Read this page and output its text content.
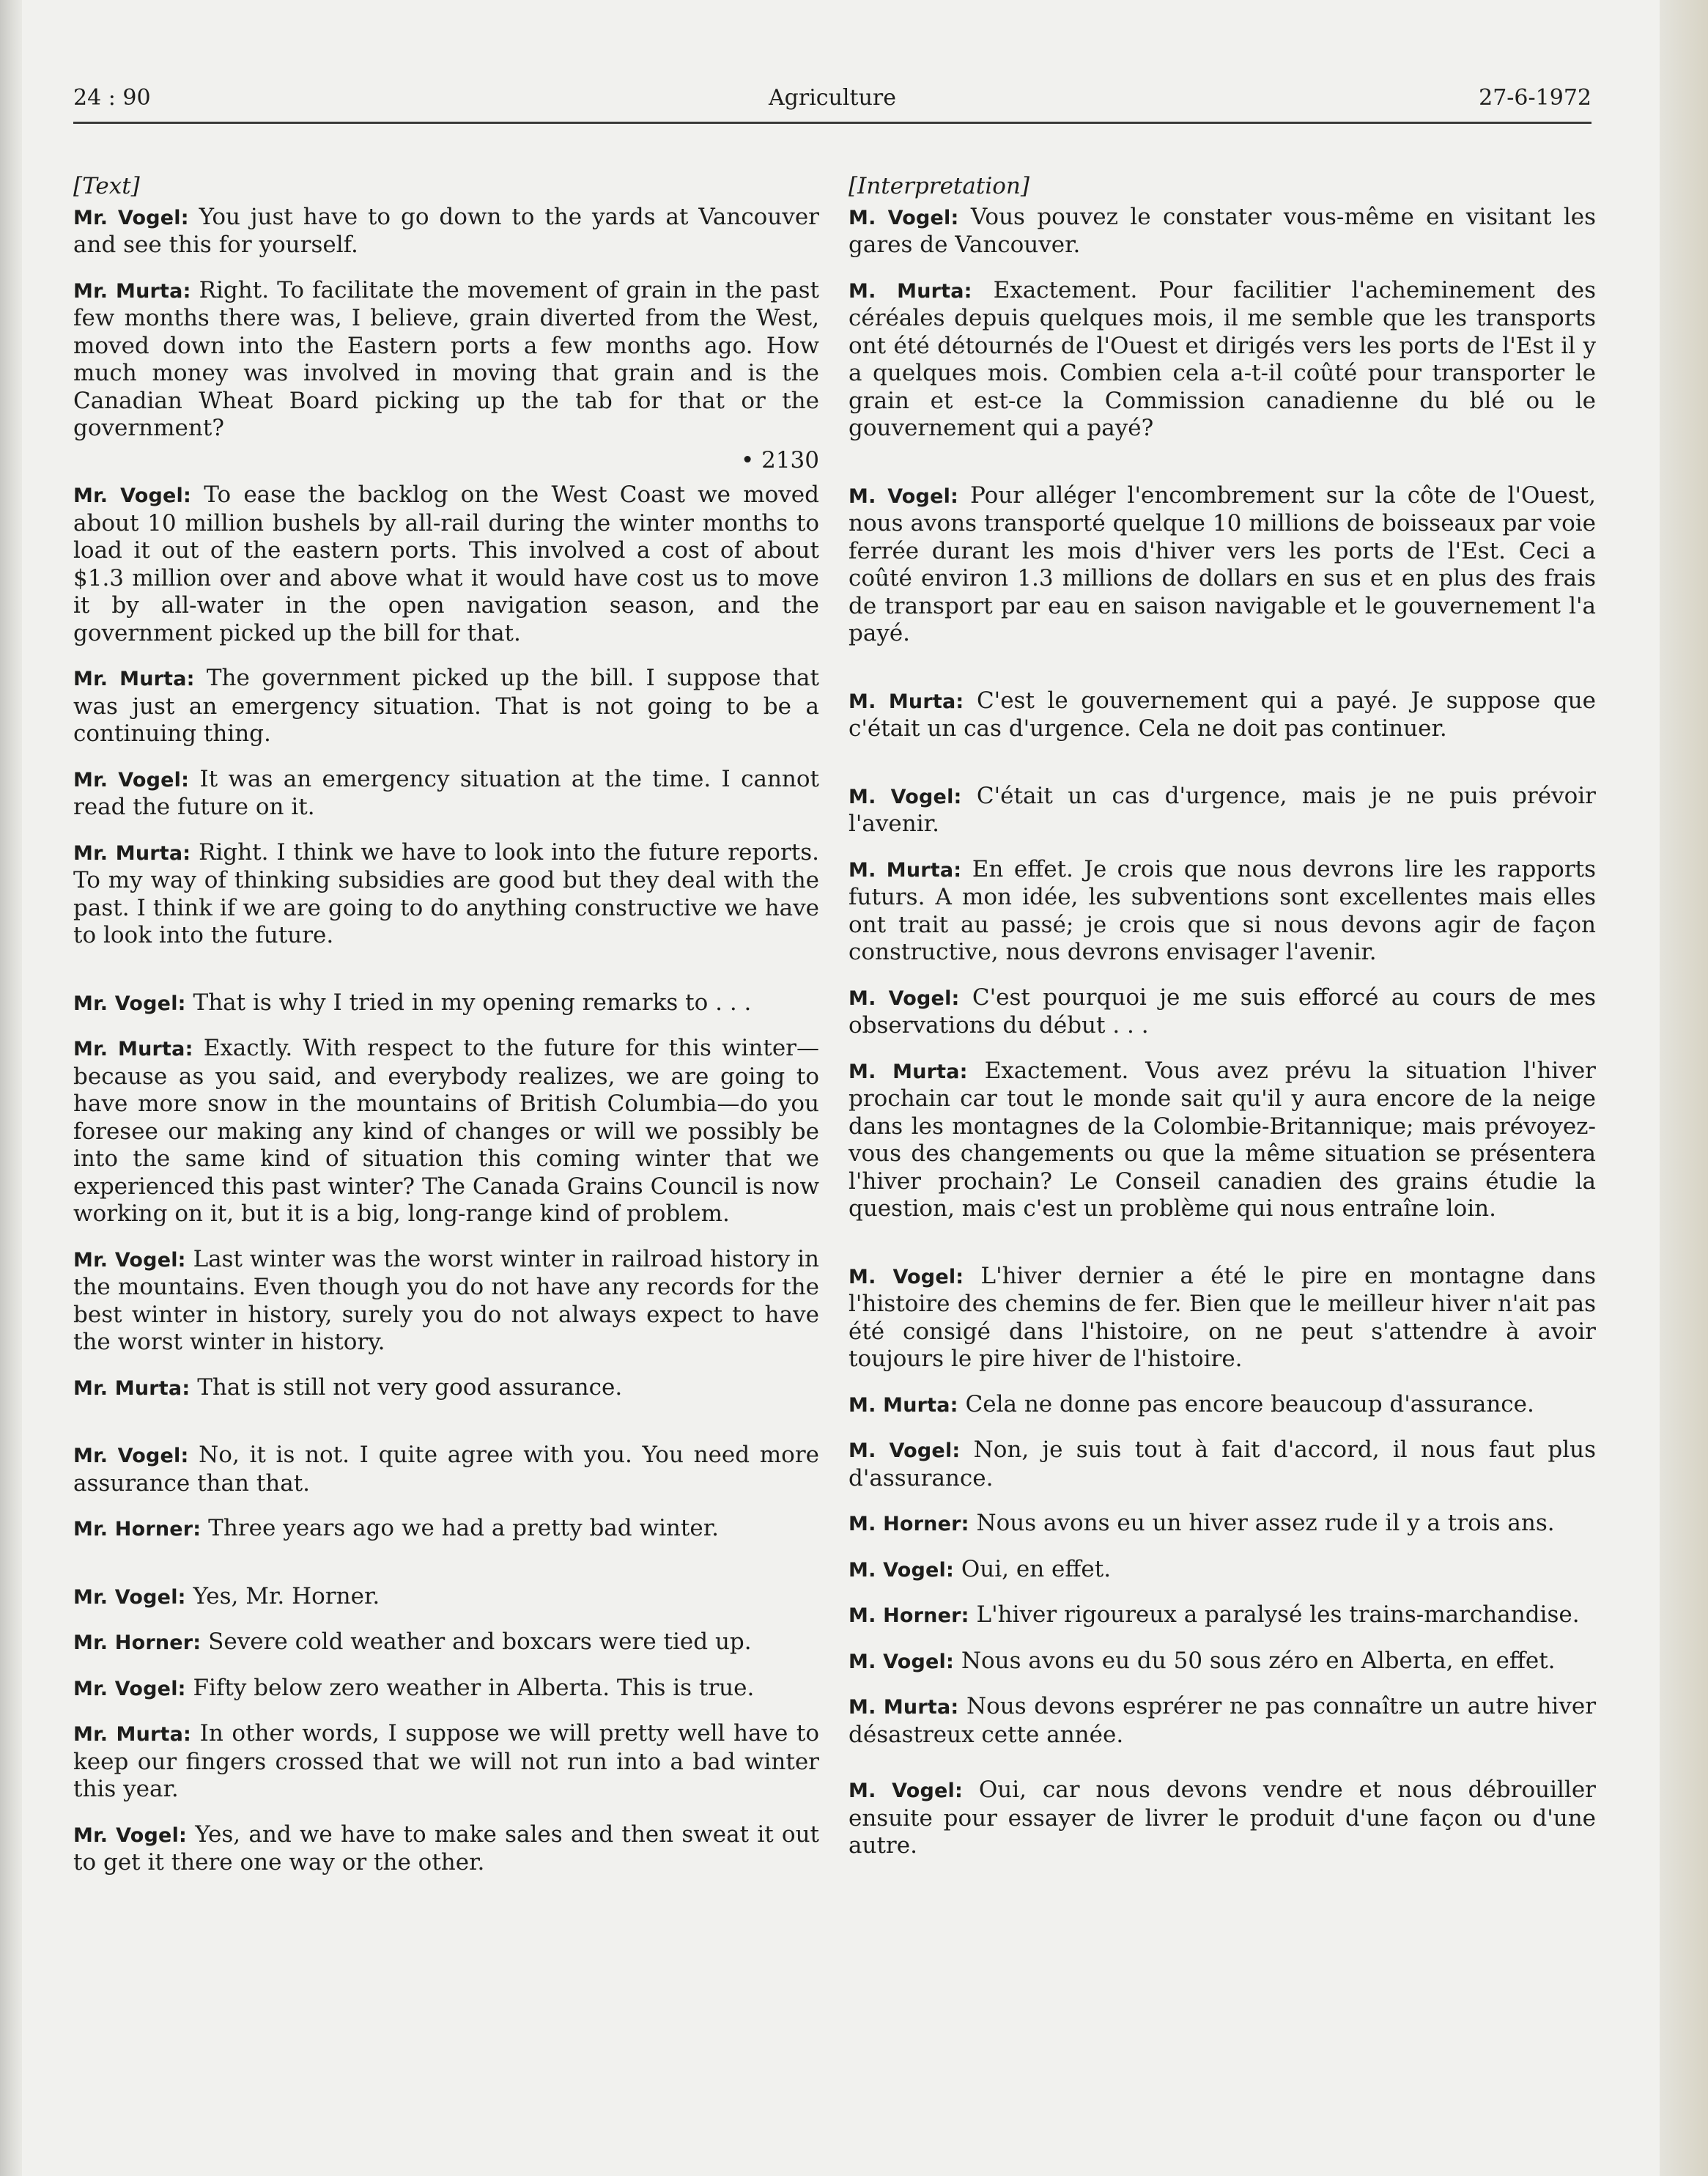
24 : 90	Agriculture	27-6-1972
[Text]

Mr. Vogel: You just have to go down to the yards at Vancouver and see this for yourself.

Mr. Murta: Right. To facilitate the movement of grain in the past few months there was, I believe, grain diverted from the West, moved down into the Eastern ports a few months ago. How much money was involved in moving that grain and is the Canadian Wheat Board picking up the tab for that or the government?

• 2130

Mr. Vogel: To ease the backlog on the West Coast we moved about 10 million bushels by all-rail during the winter months to load it out of the eastern ports. This involved a cost of about $1.3 million over and above what it would have cost us to move it by all-water in the open navigation season, and the government picked up the bill for that.

Mr. Murta: The government picked up the bill. I suppose that was just an emergency situation. That is not going to be a continuing thing.

Mr. Vogel: It was an emergency situation at the time. I cannot read the future on it.

Mr. Murta: Right. I think we have to look into the future reports. To my way of thinking subsidies are good but they deal with the past. I think if we are going to do anything constructive we have to look into the future.

Mr. Vogel: That is why I tried in my opening remarks to . . .

Mr. Murta: Exactly. With respect to the future for this winter—because as you said, and everybody realizes, we are going to have more snow in the mountains of British Columbia—do you foresee our making any kind of changes or will we possibly be into the same kind of situation this coming winter that we experienced this past winter? The Canada Grains Council is now working on it, but it is a big, long-range kind of problem.

Mr. Vogel: Last winter was the worst winter in railroad history in the mountains. Even though you do not have any records for the best winter in history, surely you do not always expect to have the worst winter in history.

Mr. Murta: That is still not very good assurance.

Mr. Vogel: No, it is not. I quite agree with you. You need more assurance than that.

Mr. Horner: Three years ago we had a pretty bad winter.

Mr. Vogel: Yes, Mr. Horner.

Mr. Horner: Severe cold weather and boxcars were tied up.

Mr. Vogel: Fifty below zero weather in Alberta. This is true.

Mr. Murta: In other words, I suppose we will pretty well have to keep our fingers crossed that we will not run into a bad winter this year.

Mr. Vogel: Yes, and we have to make sales and then sweat it out to get it there one way or the other.

[Interpretation]

M. Vogel: Vous pouvez le constater vous-même en visitant les gares de Vancouver.

M. Murta: Exactement. Pour facilitier l'acheminement des céréales depuis quelques mois, il me semble que les transports ont été détournés de l'Ouest et dirigés vers les ports de l'Est il y a quelques mois. Combien cela a-t-il coûté pour transporter le grain et est-ce la Commission canadienne du blé ou le gouvernement qui a payé?

M. Vogel: Pour alléger l'encombrement sur la côte de l'Ouest, nous avons transporté quelque 10 millions de boisseaux par voie ferrée durant les mois d'hiver vers les ports de l'Est. Ceci a coûté environ 1.3 millions de dollars en sus et en plus des frais de transport par eau en saison navigable et le gouvernement l'a payé.

M. Murta: C'est le gouvernement qui a payé. Je suppose que c'était un cas d'urgence. Cela ne doit pas continuer.

M. Vogel: C'était un cas d'urgence, mais je ne puis prévoir l'avenir.

M. Murta: En effet. Je crois que nous devrons lire les rapports futurs. A mon idée, les subventions sont excellentes mais elles ont trait au passé; je crois que si nous devons agir de façon constructive, nous devrons envisager l'avenir.

M. Vogel: C'est pourquoi je me suis efforcé au cours de mes observations du début . . .

M. Murta: Exactement. Vous avez prévu la situation l'hiver prochain car tout le monde sait qu'il y aura encore de la neige dans les montagnes de la Colombie-Britannique; mais prévoyez-vous des changements ou que la même situation se présentera l'hiver prochain? Le Conseil canadien des grains étudie la question, mais c'est un problème qui nous entraîne loin.

M. Vogel: L'hiver dernier a été le pire en montagne dans l'histoire des chemins de fer. Bien que le meilleur hiver n'ait pas été consigé dans l'histoire, on ne peut s'attendre à avoir toujours le pire hiver de l'histoire.

M. Murta: Cela ne donne pas encore beaucoup d'assurance.

M. Vogel: Non, je suis tout à fait d'accord, il nous faut plus d'assurance.

M. Horner: Nous avons eu un hiver assez rude il y a trois ans.

M. Vogel: Oui, en effet.

M. Horner: L'hiver rigoureux a paralysé les trains-marchandise.

M. Vogel: Nous avons eu du 50 sous zéro en Alberta, en effet.

M. Murta: Nous devons esprérer ne pas connaître un autre hiver désastreux cette année.

M. Vogel: Oui, car nous devons vendre et nous débrouiller ensuite pour essayer de livrer le produit d'une façon ou d'une autre.
